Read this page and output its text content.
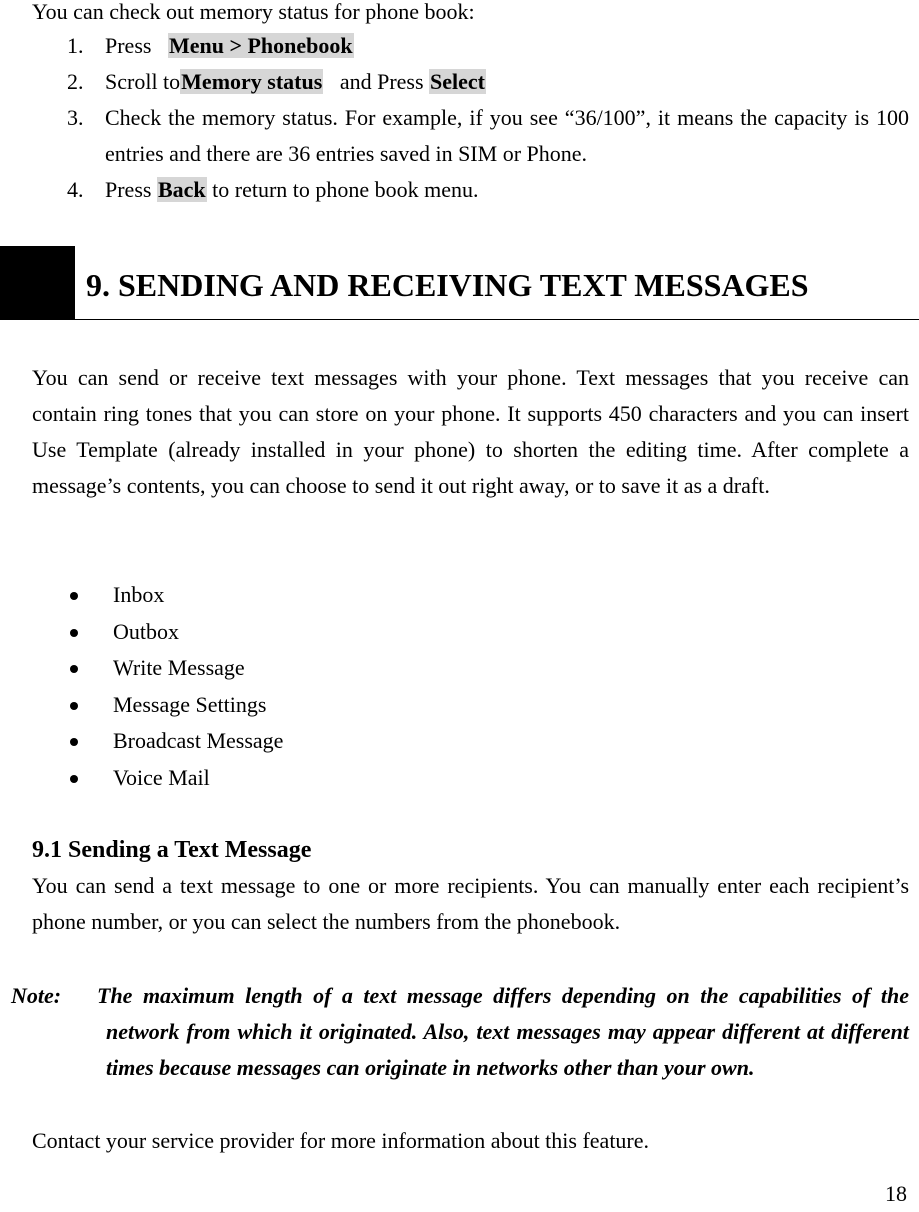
You can check out memory status for phone book:
1. Press Menu > Phonebook
2. Scroll toMemory status and Press Select
3. Check the memory status. For example, if you see “36/100”, it means the capacity is 100 entries and there are 36 entries saved in SIM or Phone.
4. Press Back to return to phone book menu.
9. SENDING AND RECEIVING TEXT MESSAGES
You can send or receive text messages with your phone. Text messages that you receive can contain ring tones that you can store on your phone. It supports 450 characters and you can insert Use Template (already installed in your phone) to shorten the editing time. After complete a message’s contents, you can choose to send it out right away, or to save it as a draft.
Inbox
Outbox
Write Message
Message Settings
Broadcast Message
Voice Mail
9.1 Sending a Text Message
You can send a text message to one or more recipients. You can manually enter each recipient’s phone number, or you can select the numbers from the phonebook.
Note: The maximum length of a text message differs depending on the capabilities of the network from which it originated. Also, text messages may appear different at different times because messages can originate in networks other than your own.
Contact your service provider for more information about this feature.
18
